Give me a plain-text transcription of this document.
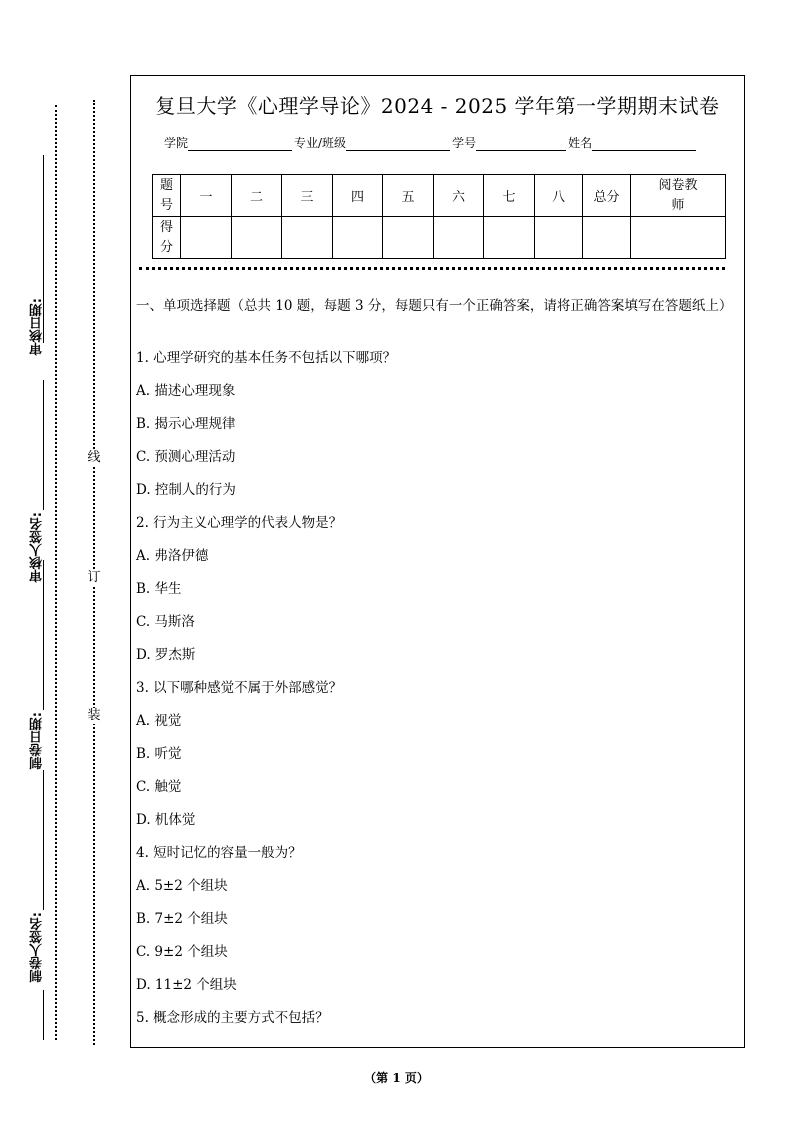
审核日期:
审核人签名:
制卷日期:
制卷人签名:
线
订
装
复旦大学《心理学导论》2024 - 2025 学年第一学期期末试卷
学院	专业/班级	学号	姓名
题号	一	二	三	四	五	六	七	八	总分	阅卷教师

得分										

一、单项选择题（总共 10 题，每题 3 分，每题只有一个正确答案，请将正确答案填写在答题纸上）
1. 心理学研究的基本任务不包括以下哪项？
A. 描述心理现象
B. 揭示心理规律
C. 预测心理活动
D. 控制人的行为
2. 行为主义心理学的代表人物是？
A. 弗洛伊德
B. 华生
C. 马斯洛
D. 罗杰斯
3. 以下哪种感觉不属于外部感觉？
A. 视觉
B. 听觉
C. 触觉
D. 机体觉
4. 短时记忆的容量一般为？
A. 5±2 个组块
B. 7±2 个组块
C. 9±2 个组块
D. 11±2 个组块
5. 概念形成的主要方式不包括？
（第 1 页）
